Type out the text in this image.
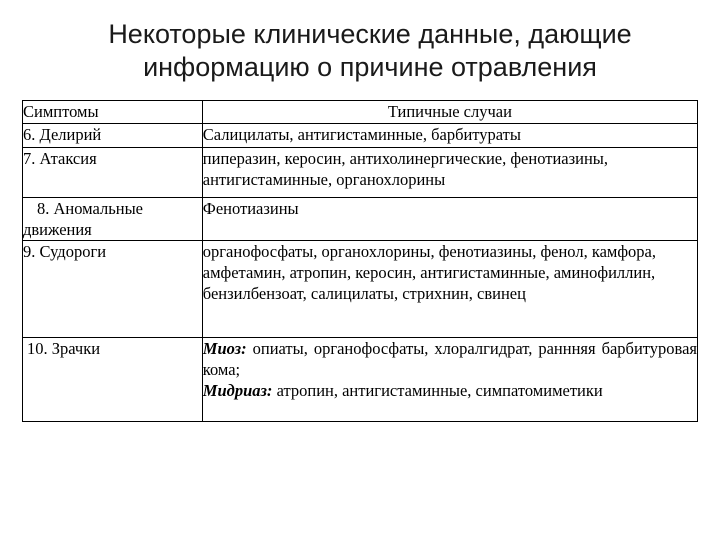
Некоторые клинические данные, дающие
информацию о причине отравления
Симптомы	Типичные случаи
6. Делирий	Салицилаты, антигистаминные, барбитураты
7. Атаксия	пиперазин, керосин, антихолинергические, фенотиазины, антигистаминные, органохлорины
8. Аномальные движения	Фенотиазины
9. Судороги	органофосфаты, органохлорины, фенотиазины, фенол, камфора, амфетамин, атропин, керосин, антигистаминные, аминофиллин, бензилбензоат, салицилаты, стрихнин, свинец
10. Зрачки	Миоз: опиаты, органофосфаты, хлоралгидрат, раннняя барбитуровая кома;
Мидриаз: атропин, антигистаминные, симпатомиметики
